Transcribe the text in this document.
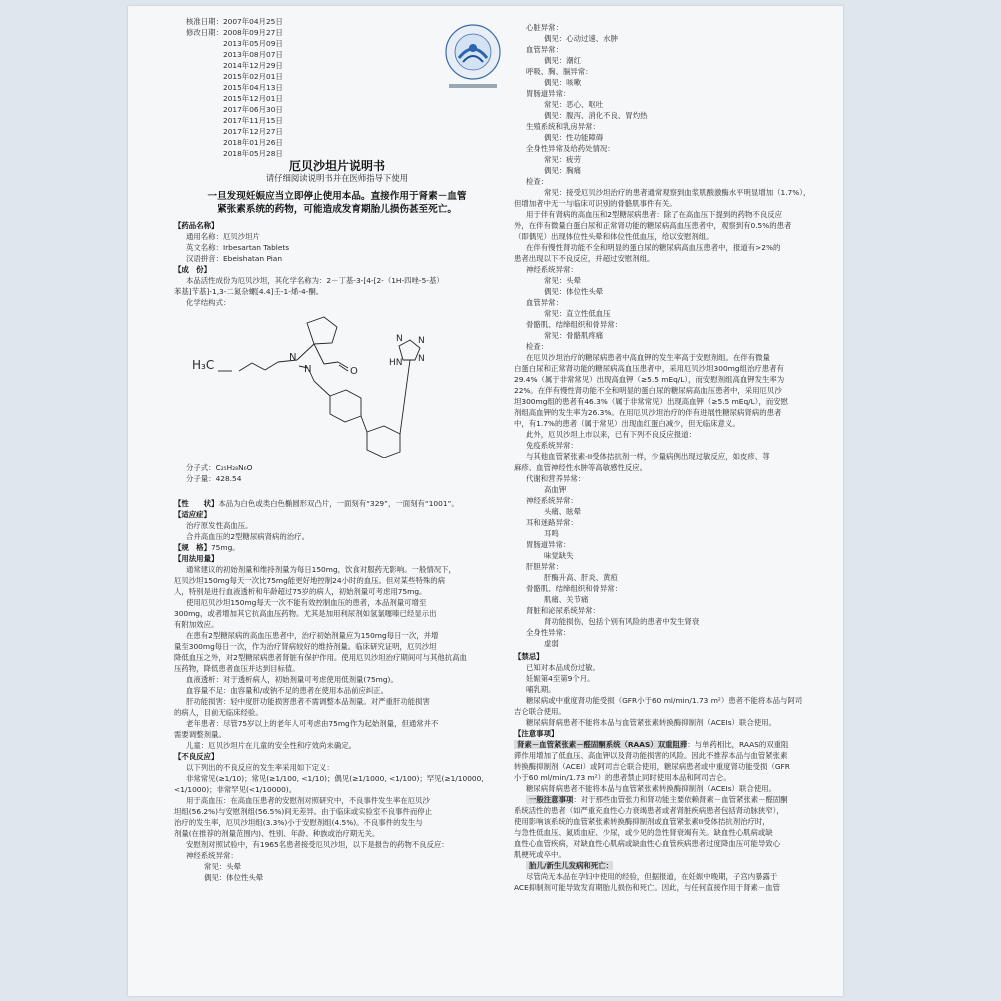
核准日期：2007年04月25日

修改日期：2008年09月27日

2013年05月09日

2013年08月07日

2014年12月29日

2015年02月01日

2015年04月13日

2015年12月01日

2017年06月30日

2017年11月15日

2017年12月27日

2018年01月26日

2018年05月28日

厄贝沙坦片说明书
请仔细阅读说明书并在医师指导下使用
一旦发现妊娠应当立即停止使用本品。直接作用于肾素－血管
紧张素系统的药物，可能造成发育期胎儿损伤甚至死亡。

【药品名称】

通用名称：厄贝沙坦片

英文名称：Irbesartan Tablets

汉语拼音：Ebeishatan Pian

【成　份】

本品活性成份为厄贝沙坦，其化学名称为：2－丁基-3-[4-[2-（1H-四唑-5-基）

苯基]苄基]-1,3-二氮杂螺[4.4]壬-1-烯-4-酮。

化学结构式：

H₃C
N
N	O
N N
N
HN

分子式：C₂₅H₂₈N₆O

分子量：428.54

【性　　状】本品为白色或类白色椭圆形双凸片，一面刻有“329”，一面刻有“1001”。

【适应症】

治疗原发性高血压。

合并高血压的2型糖尿病肾病的治疗。

【规　格】75mg。

【用法用量】

通常建议的初始剂量和维持剂量为每日150mg，饮食对服药无影响。一般情况下，

厄贝沙坦150mg每天一次比75mg能更好地控制24小时的血压。但对某些特殊的病

人，特别是进行血液透析和年龄超过75岁的病人，初始剂量可考虑用75mg。

使用厄贝沙坦150mg每天一次不能有效控制血压的患者，本品剂量可增至

300mg，或者增加其它抗高血压药物。尤其是加用利尿剂如氢氯噻嗪已经显示出

有附加效应。

在患有2型糖尿病的高血压患者中，治疗初始剂量应为150mg每日一次，并增

量至300mg每日一次，作为治疗肾病较好的维持剂量。临床研究证明，厄贝沙坦

降低血压之外，对2型糖尿病患者肾脏有保护作用。使用厄贝沙坦治疗期间可与其他抗高血

压药物，降低患者血压并达到目标值。

血液透析：对于透析病人，初始剂量可考虑使用低剂量(75mg)。

血容量不足：血容量和/或钠不足的患者在使用本品前应纠正。

肝功能损害：轻中度肝功能损害患者不需调整本品剂量。对严重肝功能损害

的病人，目前无临床经验。

老年患者：尽管75岁以上的老年人可考虑由75mg作为起始剂量，但通常并不

需要调整剂量。

儿童：厄贝沙坦片在儿童的安全性和疗效尚未确定。

【不良反应】

以下列出的不良反应的发生率采用如下定义：

非常常见(≥1/10)；常见(≥1/100, <1/10)；偶见(≥1/1000, <1/100)；罕见(≥1/10000,

<1/1000)；非常罕见(<1/10000)。

用于高血压：在高血压患者的安慰剂对照研究中，不良事件发生率在厄贝沙

坦组(56.2%)与安慰剂组(56.5%)间无差异。由于临床或实验室不良事件而停止

治疗的发生率，厄贝沙坦组(3.3%)小于安慰剂组(4.5%)。不良事件的发生与

剂量(在推荐的剂量范围内)、性别、年龄、种族或治疗期无关。

安慰剂对照试验中，有1965名患者接受厄贝沙坦，以下是报告的药物不良反应：

神经系统异常：

常见：头晕

偶见：体位性头晕

心脏异常：

偶见：心动过速、水肿

血管异常：

偶见：潮红

呼吸、胸、膈异常：

偶见：咳嗽

胃肠道异常：

常见：恶心、呕吐

偶见：腹泻、消化不良、胃灼热

生殖系统和乳房异常：

偶见：性功能障碍

全身性异常及给药处情况：

常见：疲劳

偶见：胸痛

检查：

常见：接受厄贝沙坦治疗的患者通常观察到血浆肌酸激酶水平明显增加（1.7%），

但增加者中无一与临床可识别的骨骼肌事件有关。

用于伴有肾病的高血压和2型糖尿病患者：除了在高血压下提到的药物不良反应

外，在伴有微量白蛋白尿和正常肾功能的糖尿病高血压患者中，观察到有0.5%的患者

（即偶见）出现体位性头晕和体位性低血压，给以安慰剂组。

在伴有慢性肾功能不全和明显的蛋白尿的糖尿病高血压患者中，报道有>2%的

患者出现以下不良反应，并超过安慰剂组。

神经系统异常：

常见：头晕

偶见：体位性头晕

血管异常：

常见：直立性低血压

骨骼肌、结缔组织和骨异常：

常见：骨骼肌疼痛

检查：

在厄贝沙坦治疗的糖尿病患者中高血钾的发生率高于安慰剂组。在伴有微量

白蛋白尿和正常肾功能的糖尿病高血压患者中，采用厄贝沙坦300mg组治疗患者有

29.4%（属于非常常见）出现高血钾（≥5.5 mEq/L），而安慰剂组高血钾发生率为

22%。在伴有慢性肾功能不全和明显的蛋白尿的糖尿病高血压患者中，采用厄贝沙

坦300mg组的患者有46.3%（属于非常常见）出现高血钾（≥5.5 mEq/L），而安慰

剂组高血钾的发生率为26.3%。在用厄贝沙坦治疗的伴有进展性糖尿病肾病的患者

中，有1.7%的患者（属于常见）出现血红蛋白减少，但无临床意义。

此外，厄贝沙坦上市以来，已有下列不良反应报道：

免疫系统异常：

与其他血管紧张素-II受体拮抗剂一样，少量病例出现过敏反应，如皮疹、荨

麻疹、血管神经性水肿等高敏感性反应。

代谢和营养异常：

高血钾

神经系统异常：

头痛、眩晕

耳和迷路异常：

耳鸣

胃肠道异常：

味觉缺失

肝胆异常：

肝酶升高、肝炎、黄疸

骨骼肌、结缔组织和骨异常：

肌痛、关节痛

肾脏和泌尿系统异常：

肾功能损伤，包括个别有风险的患者中发生肾衰

全身性异常：

虚弱

【禁忌】

已知对本品成份过敏。

妊娠第4至第9个月。

哺乳期。

糖尿病或中重度肾功能受损（GFR小于60 ml/min/1.73 m²）患者不能将本品与阿司

吉仑联合使用。

糖尿病肾病患者不能将本品与血管紧张素转换酶抑制剂（ACEIs）联合使用。

【注意事项】

肾素－血管紧张素－醛固酮系统（RAAS）双重阻滞：与单药相比，RAAS的双重阻

滞作用增加了低血压、高血钾以及肾功能损害的风险。因此不推荐本品与血管紧张素

转换酶抑制剂（ACEI）或阿司吉仑联合使用，糖尿病患者或中重度肾功能受损（GFR

小于60 ml/min/1.73 m²）的患者禁止同时使用本品和阿司吉仑。

糖尿病肾病患者不能将本品与血管紧张素转换酶抑制剂（ACEIs）联合使用。

一般注意事项：对于那些血管张力和肾功能主要依赖肾素－血管紧张素－醛固酮

系统活性的患者（如严重充血性心力衰竭患者或者肾脏疾病患者包括肾动脉狭窄），

使用影响该系统的血管紧张素转换酶抑制剂或血管紧张素II受体拮抗剂治疗时，

与急性低血压、氮质血症、少尿，或少见的急性肾衰竭有关。缺血性心肌病或缺

血性心血管疾病，对缺血性心肌病或缺血性心血管疾病患者过度降血压可能导致心

肌梗死或卒中。

胎儿/新生儿发病和死亡：

尽管尚无本品在孕妇中使用的经验，但据报道，在妊娠中晚期，子宫内暴露于

ACE抑制剂可能导致发育期胎儿损伤和死亡。因此，与任何直接作用于肾素－血管
